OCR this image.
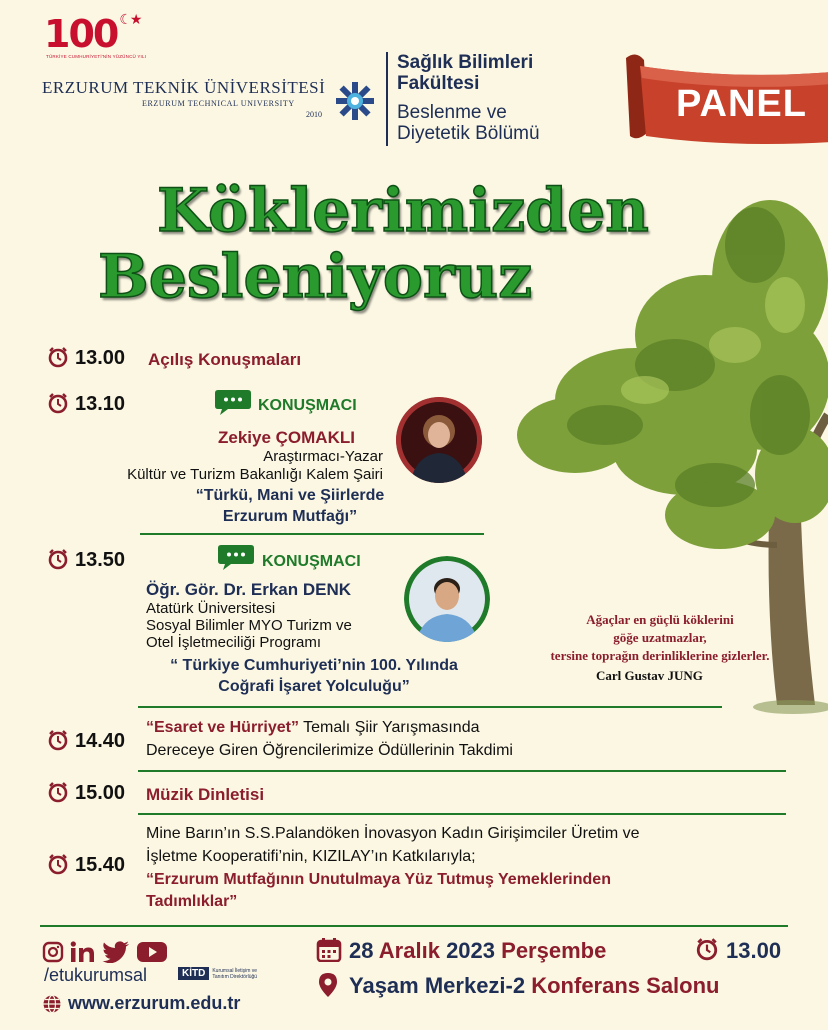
100 ☾★
TÜRKİYE CUMHURİYETİ'NİN YÜZÜNCÜ YILI
ERZURUM TEKNİK ÜNİVERSİTESİ
ERZURUM TECHNICAL UNIVERSITY
2010
Sağlık Bilimleri
Fakültesi
Beslenme ve
Diyetetik Bölümü
PANEL
Köklerimizden
Besleniyoruz
Ağaçlar en güçlü köklerini
göğe uzatmazlar,
tersine toprağın derinliklerine gizlerler.
Carl Gustav JUNG
13.00 Açılış Konuşmaları
13.10	KONUŞMACI
Zekiye ÇOMAKLI
Araştırmacı-Yazar
Kültür ve Turizm Bakanlığı Kalem Şairi
“Türkü, Mani ve Şiirlerde
Erzurum Mutfağı”
13.50	KONUŞMACI
Öğr. Gör. Dr. Erkan DENK
Atatürk Üniversitesi
Sosyal Bilimler MYO Turizm ve
Otel İşletmeciliği Programı
“ Türkiye Cumhuriyeti’nin 100. Yılında
Coğrafi İşaret Yolculuğu”
14.40
“Esaret ve Hürriyet” Temalı Şiir Yarışmasında
Dereceye Giren Öğrencilerimize Ödüllerinin Takdimi
15.00 Müzik Dinletisi
15.40
Mine Barın’ın S.S.Palandöken İnovasyon Kadın Girişimciler Üretim ve
İşletme Kooperatifi’nin, KIZILAY’ın Katkılarıyla;
“Erzurum Mutfağının Unutulmaya Yüz Tutmuş Yemeklerinden
Tadımlıklar”
/etukurumsal	KİTD	Kurumsal İletişim ve
Tanıtım Direktörlüğü
www.erzurum.edu.tr
28 Aralık 2023 Perşembe	13.00
Yaşam Merkezi-2 Konferans Salonu
